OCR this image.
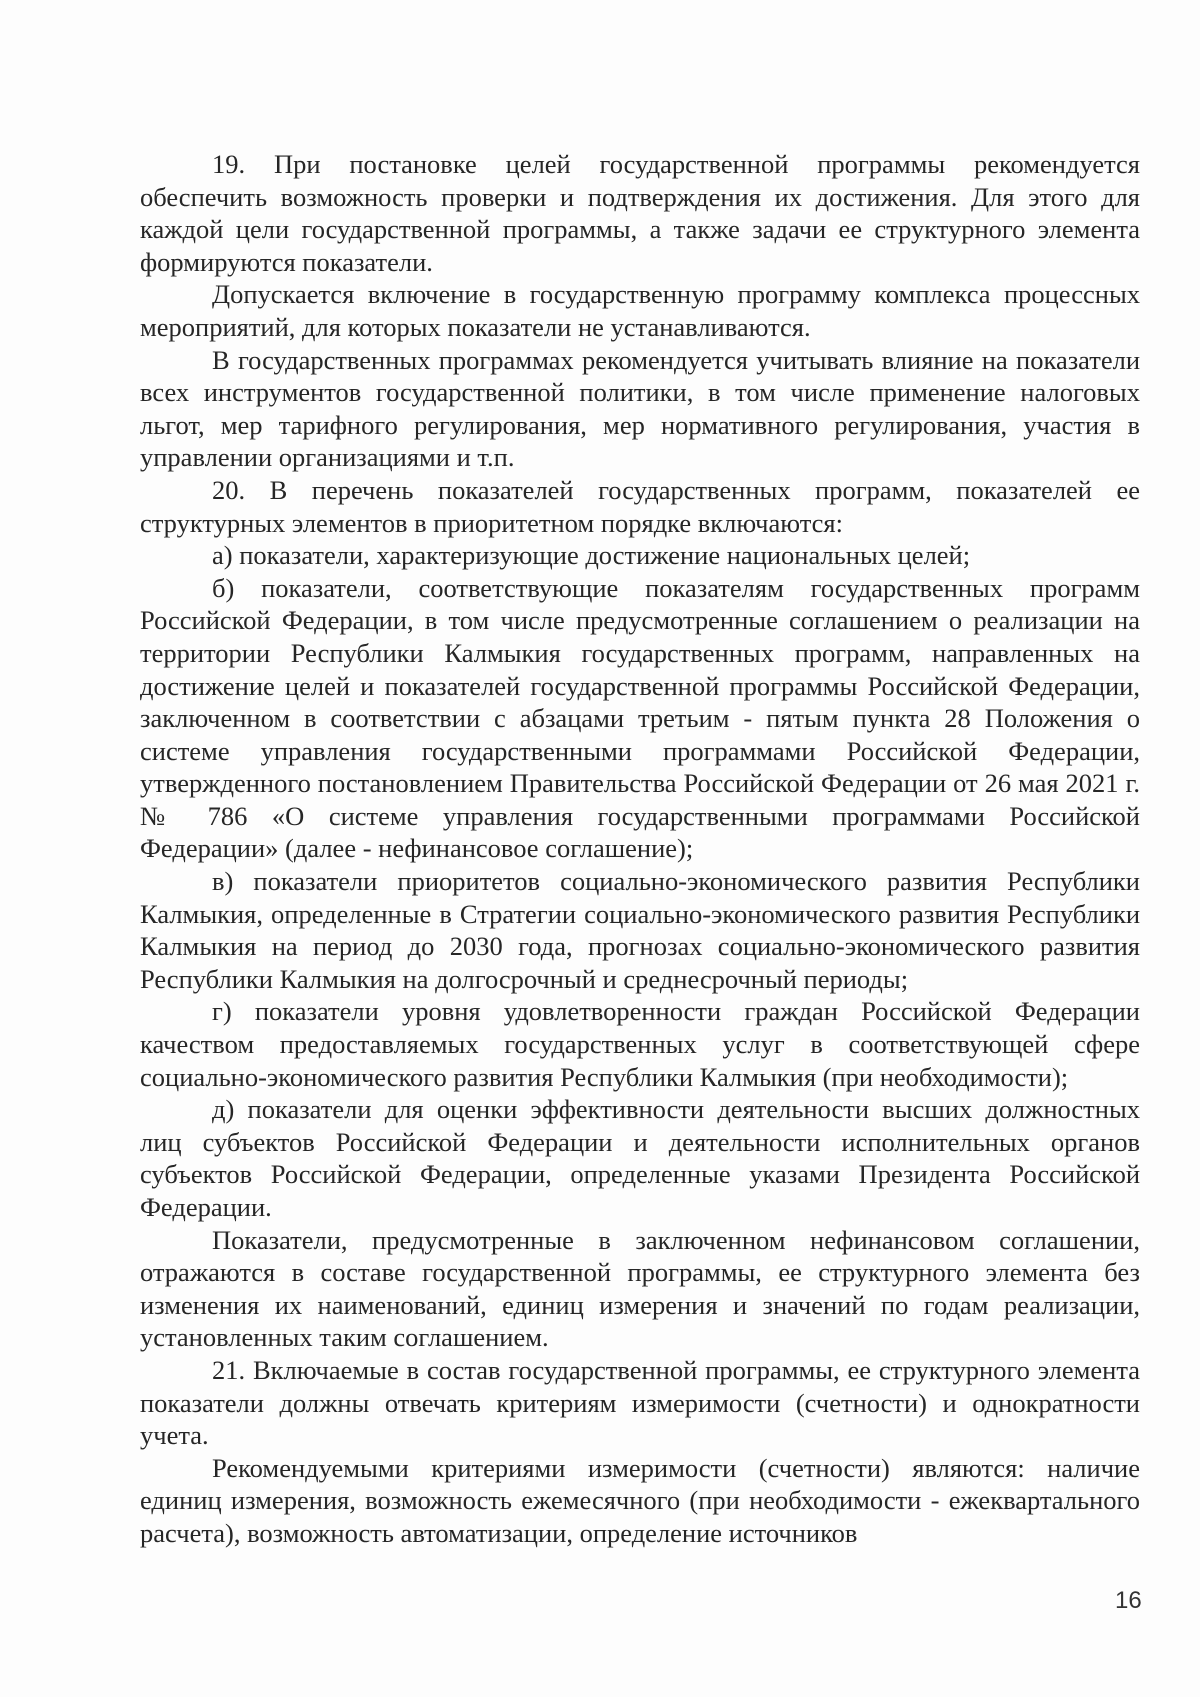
19. При постановке целей государственной программы рекомендуется обеспечить возможность проверки и подтверждения их достижения. Для этого для каждой цели государственной программы, а также задачи ее структурного элемента формируются показатели.

Допускается включение в государственную программу комплекса процессных мероприятий, для которых показатели не устанавливаются.

В государственных программах рекомендуется учитывать влияние на показатели всех инструментов государственной политики, в том числе применение налоговых льгот, мер тарифного регулирования, мер нормативного регулирования, участия в управлении организациями и т.п.

20. В перечень показателей государственных программ, показателей ее структурных элементов в приоритетном порядке включаются:

а) показатели, характеризующие достижение национальных целей;

б) показатели, соответствующие показателям государственных программ Российской Федерации, в том числе предусмотренные соглашением о реализации на территории Республики Калмыкия государственных программ, направленных на достижение целей и показателей государственной программы Российской Федерации, заключенном в соответствии с абзацами третьим - пятым пункта 28 Положения о системе управления государственными программами Российской Федерации, утвержденного постановлением Правительства Российской Федерации от 26 мая 2021 г. № 786 «О системе управления государственными программами Российской Федерации» (далее - нефинансовое соглашение);

в) показатели приоритетов социально-экономического развития Республики Калмыкия, определенные в Стратегии социально-экономического развития Республики Калмыкия на период до 2030 года, прогнозах социально-экономического развития Республики Калмыкия на долгосрочный и среднесрочный периоды;

г) показатели уровня удовлетворенности граждан Российской Федерации качеством предоставляемых государственных услуг в соответствующей сфере социально-экономического развития Республики Калмыкия (при необходимости);

д) показатели для оценки эффективности деятельности высших должностных лиц субъектов Российской Федерации и деятельности исполнительных органов субъектов Российской Федерации, определенные указами Президента Российской Федерации.

Показатели, предусмотренные в заключенном нефинансовом соглашении, отражаются в составе государственной программы, ее структурного элемента без изменения их наименований, единиц измерения и значений по годам реализации, установленных таким соглашением.

21. Включаемые в состав государственной программы, ее структурного элемента показатели должны отвечать критериям измеримости (счетности) и однократности учета.

Рекомендуемыми критериями измеримости (счетности) являются: наличие единиц измерения, возможность ежемесячного (при необходимости - ежеквартального расчета), возможность автоматизации, определение источников

16
